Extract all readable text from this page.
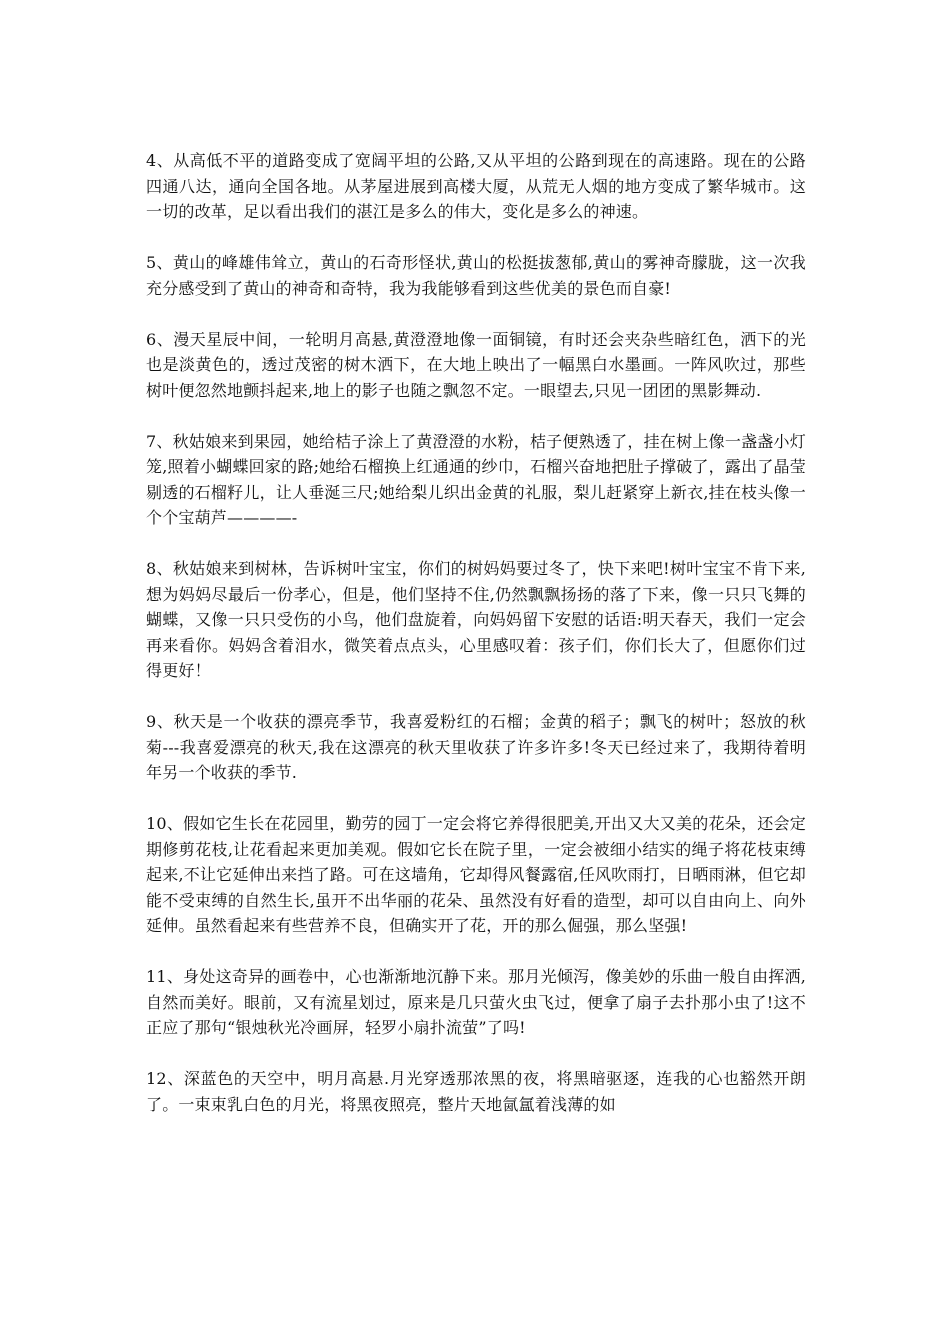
4、从高低不平的道路变成了宽阔平坦的公路,又从平坦的公路到现在的高速路。现在的公路四通八达，通向全国各地。从茅屋进展到高楼大厦，从荒无人烟的地方变成了繁华城市。这一切的改革，足以看出我们的湛江是多么的伟大，变化是多么的神速。

5、黄山的峰雄伟耸立，黄山的石奇形怪状,黄山的松挺拔葱郁,黄山的雾神奇朦胧，这一次我充分感受到了黄山的神奇和奇特，我为我能够看到这些优美的景色而自豪!

6、漫天星辰中间，一轮明月高悬,黄澄澄地像一面铜镜，有时还会夹杂些暗红色，洒下的光也是淡黄色的，透过茂密的树木洒下，在大地上映出了一幅黑白水墨画。一阵风吹过，那些树叶便忽然地颤抖起来,地上的影子也随之飘忽不定。一眼望去,只见一团团的黑影舞动.

7、秋姑娘来到果园，她给桔子涂上了黄澄澄的水粉，桔子便熟透了，挂在树上像一盏盏小灯笼,照着小蝴蝶回家的路;她给石榴换上红通通的纱巾，石榴兴奋地把肚子撑破了，露出了晶莹剔透的石榴籽儿，让人垂涎三尺;她给梨儿织出金黄的礼服，梨儿赶紧穿上新衣,挂在枝头像一个个宝葫芦————-

8、秋姑娘来到树林，告诉树叶宝宝，你们的树妈妈要过冬了，快下来吧!树叶宝宝不肯下来,想为妈妈尽最后一份孝心，但是，他们坚持不住,仍然飘飘扬扬的落了下来，像一只只飞舞的蝴蝶，又像一只只受伤的小鸟，他们盘旋着，向妈妈留下安慰的话语:明天春天，我们一定会再来看你。妈妈含着泪水，微笑着点点头，心里感叹着：孩子们，你们长大了，但愿你们过得更好！

9、秋天是一个收获的漂亮季节，我喜爱粉红的石榴；金黄的稻子；飘飞的树叶；怒放的秋菊---我喜爱漂亮的秋天,我在这漂亮的秋天里收获了许多许多!冬天已经过来了，我期待着明年另一个收获的季节.

10、假如它生长在花园里，勤劳的园丁一定会将它养得很肥美,开出又大又美的花朵，还会定期修剪花枝,让花看起来更加美观。假如它长在院子里，一定会被细小结实的绳子将花枝束缚起来,不让它延伸出来挡了路。可在这墙角，它却得风餐露宿,任风吹雨打，日晒雨淋，但它却能不受束缚的自然生长,虽开不出华丽的花朵、虽然没有好看的造型，却可以自由向上、向外延伸。虽然看起来有些营养不良，但确实开了花，开的那么倔强，那么坚强!

11、身处这奇异的画卷中，心也渐渐地沉静下来。那月光倾泻，像美妙的乐曲一般自由挥洒,自然而美好。眼前，又有流星划过，原来是几只萤火虫飞过，便拿了扇子去扑那小虫了!这不正应了那句“银烛秋光冷画屏，轻罗小扇扑流萤”了吗!

12、深蓝色的天空中，明月高悬.月光穿透那浓黑的夜，将黑暗驱逐，连我的心也豁然开朗了。一束束乳白色的月光，将黑夜照亮，整片天地氤氲着浅薄的如
